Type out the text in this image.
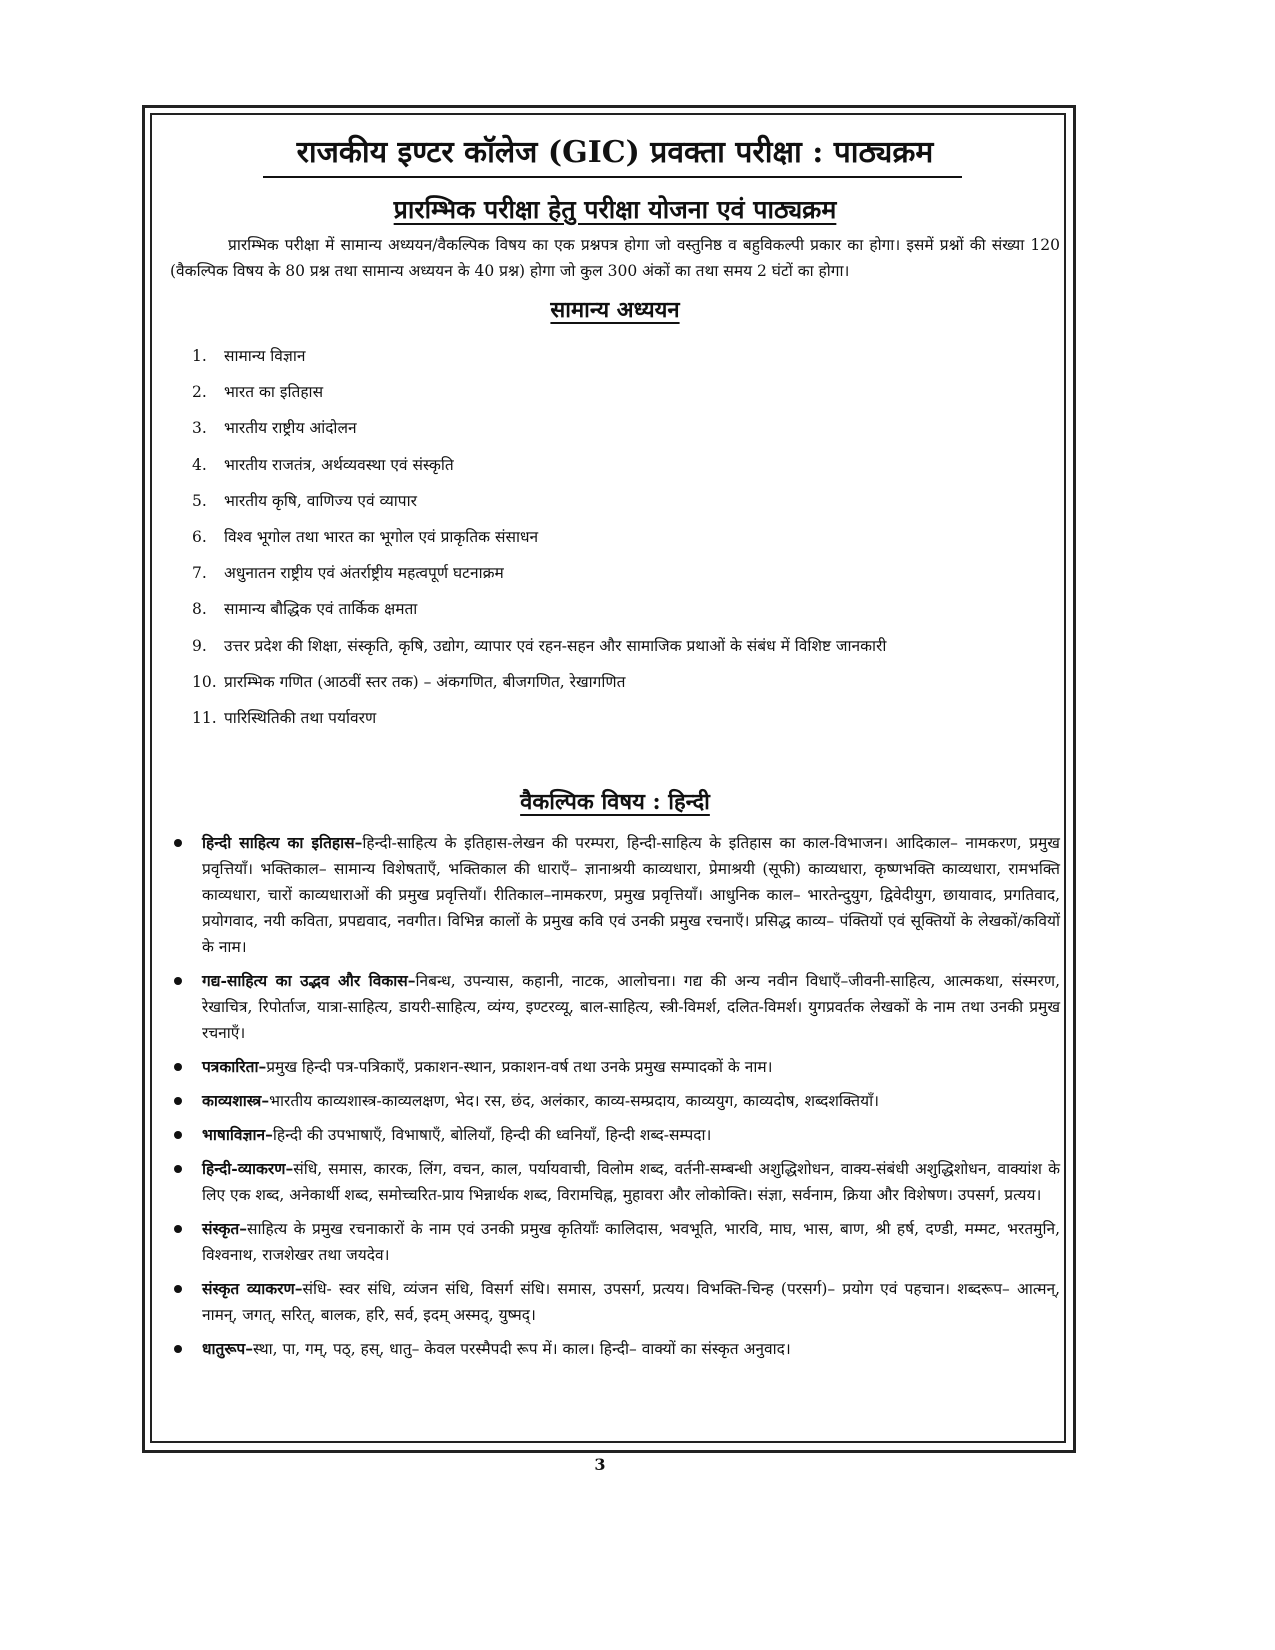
राजकीय इण्टर कॉलेज (GIC) प्रवक्ता परीक्षा : पाठ्यक्रम
प्रारम्भिक परीक्षा हेतु परीक्षा योजना एवं पाठ्यक्रम

प्रारम्भिक परीक्षा में सामान्य अध्ययन/वैकल्पिक विषय का एक प्रश्नपत्र होगा जो वस्तुनिष्ठ व बहुविकल्पी प्रकार का होगा। इसमें प्रश्नों की संख्या 120 (वैकल्पिक विषय के 80 प्रश्न तथा सामान्य अध्ययन के 40 प्रश्न) होगा जो कुल 300 अंकों का तथा समय 2 घंटों का होगा।

सामान्य अध्ययन
1. सामान्य विज्ञान
2. भारत का इतिहास
3. भारतीय राष्ट्रीय आंदोलन
4. भारतीय राजतंत्र, अर्थव्यवस्था एवं संस्कृति
5. भारतीय कृषि, वाणिज्य एवं व्यापार
6. विश्व भूगोल तथा भारत का भूगोल एवं प्राकृतिक संसाधन
7. अधुनातन राष्ट्रीय एवं अंतर्राष्ट्रीय महत्वपूर्ण घटनाक्रम
8. सामान्य बौद्धिक एवं तार्किक क्षमता
9. उत्तर प्रदेश की शिक्षा, संस्कृति, कृषि, उद्योग, व्यापार एवं रहन-सहन और सामाजिक प्रथाओं के संबंध में विशिष्ट जानकारी
10. प्रारम्भिक गणित (आठवीं स्तर तक) – अंकगणित, बीजगणित, रेखागणित
11. पारिस्थितिकी तथा पर्यावरण
वैकल्पिक विषय : हिन्दी
हिन्दी साहित्य का इतिहास–हिन्दी-साहित्य के इतिहास-लेखन की परम्परा, हिन्दी-साहित्य के इतिहास का काल-विभाजन। आदिकाल– नामकरण, प्रमुख प्रवृत्तियाँ। भक्तिकाल– सामान्य विशेषताएँ, भक्तिकाल की धाराएँ– ज्ञानाश्रयी काव्यधारा, प्रेमाश्रयी (सूफी) काव्यधारा, कृष्णभक्ति काव्यधारा, रामभक्ति काव्यधारा, चारों काव्यधाराओं की प्रमुख प्रवृत्तियाँ। रीतिकाल–नामकरण, प्रमुख प्रवृत्तियाँ। आधुनिक काल– भारतेन्दुयुग, द्विवेदीयुग, छायावाद, प्रगतिवाद, प्रयोगवाद, नयी कविता, प्रपद्यवाद, नवगीत। विभिन्न कालों के प्रमुख कवि एवं उनकी प्रमुख रचनाएँ। प्रसिद्ध काव्य– पंक्तियों एवं सूक्तियों के लेखकों/कवियों के नाम।
गद्य-साहित्य का उद्भव और विकास–निबन्ध, उपन्यास, कहानी, नाटक, आलोचना। गद्य की अन्य नवीन विधाएँ–जीवनी-साहित्य, आत्मकथा, संस्मरण, रेखाचित्र, रिपोर्ताज, यात्रा-साहित्य, डायरी-साहित्य, व्यंग्य, इण्टरव्यू, बाल-साहित्य, स्त्री-विमर्श, दलित-विमर्श। युगप्रवर्तक लेखकों के नाम तथा उनकी प्रमुख रचनाएँ।
पत्रकारिता–प्रमुख हिन्दी पत्र-पत्रिकाएँ, प्रकाशन-स्थान, प्रकाशन-वर्ष तथा उनके प्रमुख सम्पादकों के नाम।
काव्यशास्त्र–भारतीय काव्यशास्त्र-काव्यलक्षण, भेद। रस, छंद, अलंकार, काव्य-सम्प्रदाय, काव्ययुग, काव्यदोष, शब्दशक्तियाँ।
भाषाविज्ञान–हिन्दी की उपभाषाएँ, विभाषाएँ, बोलियाँ, हिन्दी की ध्वनियाँ, हिन्दी शब्द-सम्पदा।
हिन्दी-व्याकरण–संधि, समास, कारक, लिंग, वचन, काल, पर्यायवाची, विलोम शब्द, वर्तनी-सम्बन्धी अशुद्धिशोधन, वाक्य-संबंधी अशुद्धिशोधन, वाक्यांश के लिए एक शब्द, अनेकार्थी शब्द, समोच्चरित-प्राय भिन्नार्थक शब्द, विरामचिह्न, मुहावरा और लोकोक्ति। संज्ञा, सर्वनाम, क्रिया और विशेषण। उपसर्ग, प्रत्यय।
संस्कृत–साहित्य के प्रमुख रचनाकारों के नाम एवं उनकी प्रमुख कृतियाँः कालिदास, भवभूति, भारवि, माघ, भास, बाण, श्री हर्ष, दण्डी, मम्मट, भरतमुनि, विश्वनाथ, राजशेखर तथा जयदेव।
संस्कृत व्याकरण–संधि- स्वर संधि, व्यंजन संधि, विसर्ग संधि। समास, उपसर्ग, प्रत्यय। विभक्ति-चिन्ह (परसर्ग)– प्रयोग एवं पहचान। शब्दरूप– आत्मन्, नामन्, जगत्, सरित्, बालक, हरि, सर्व, इदम् अस्मद्, युष्मद्।
धातुरूप–स्था, पा, गम्, पठ्, हस्, धातु– केवल परस्मैपदी रूप में। काल। हिन्दी– वाक्यों का संस्कृत अनुवाद।
3
